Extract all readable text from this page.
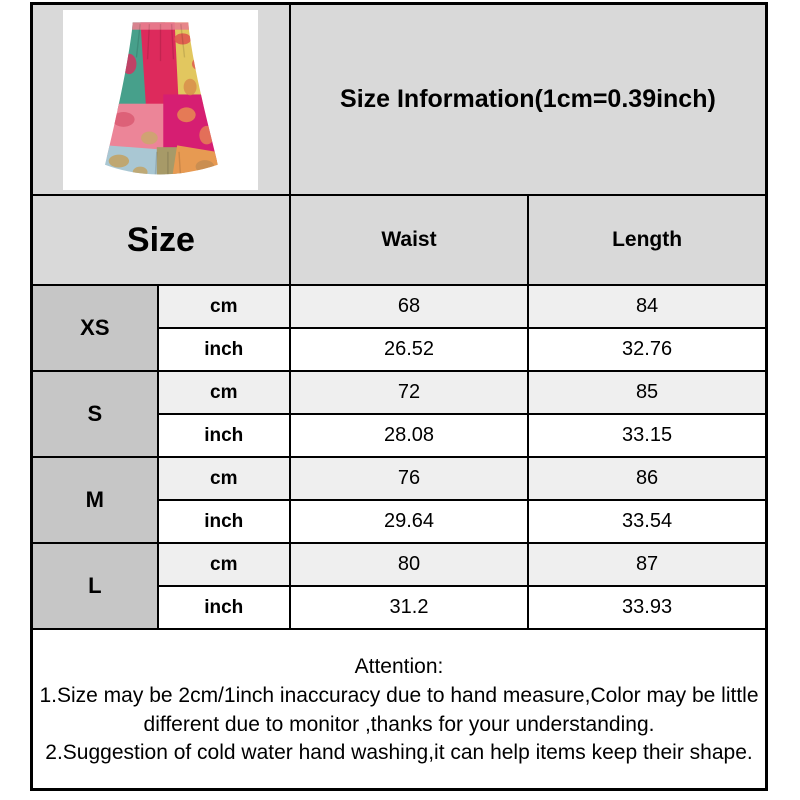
	Size Information(1cm=0.39inch)	
Size		Waist	Length
XS	cm	68	84
	inch	26.52	32.76
S	cm	72	85
	inch	28.08	33.15
M	cm	76	86
	inch	29.64	33.54
L	cm	80	87
	inch	31.2	33.93

Attention:
1.Size may be 2cm/1inch inaccuracy due to hand measure,Color may be little different due to monitor ,thanks for your understanding.
2.Suggestion of cold water hand washing,it can help items keep their shape.			
